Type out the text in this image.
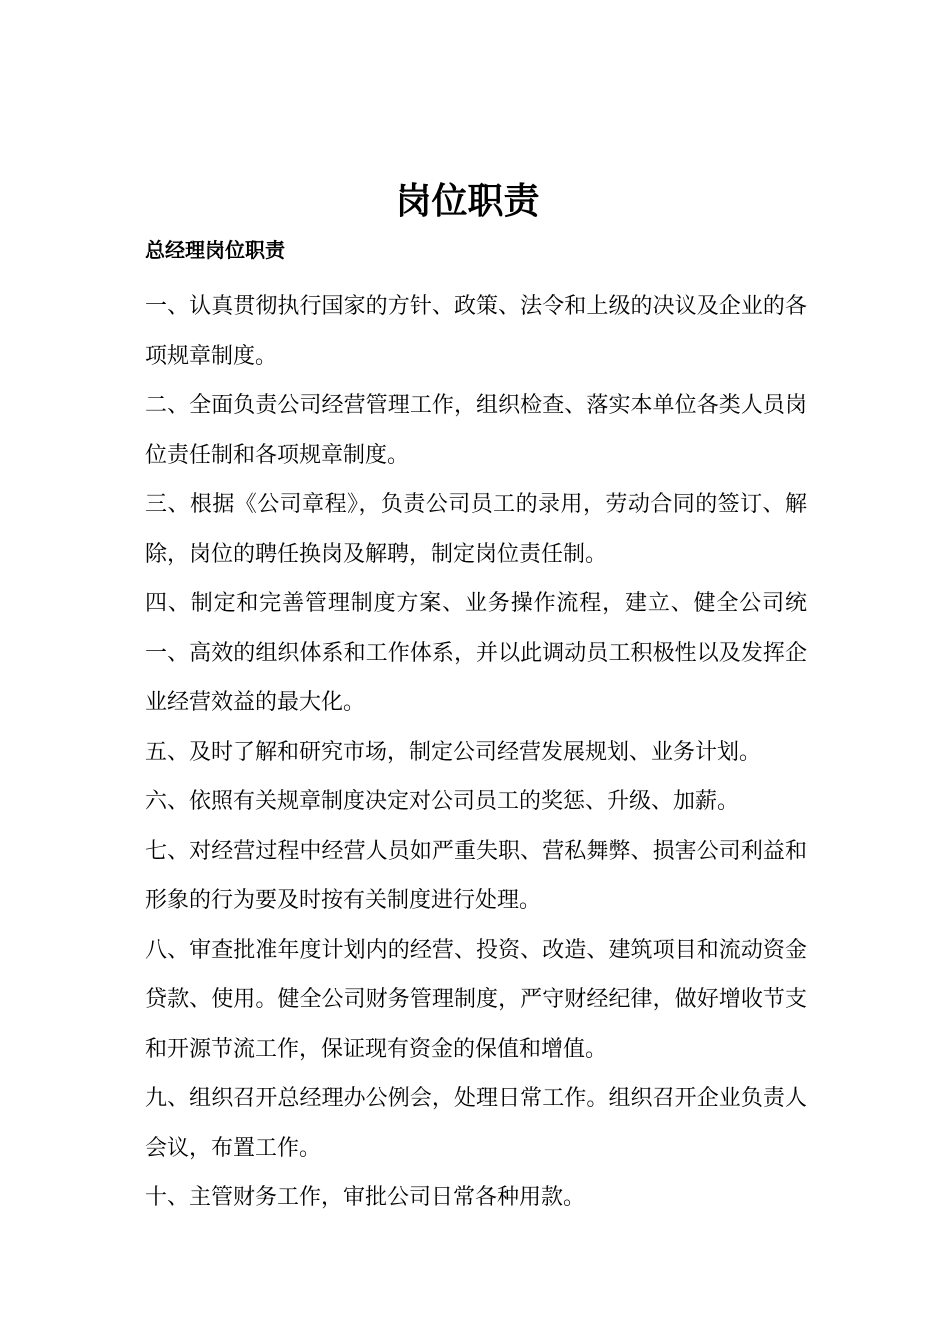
岗位职责
总经理岗位职责

一、认真贯彻执行国家的方针、政策、法令和上级的决议及企业的各项规章制度。

二、全面负责公司经营管理工作，组织检查、落实本单位各类人员岗位责任制和各项规章制度。

三、根据《公司章程》，负责公司员工的录用，劳动合同的签订、解除，岗位的聘任换岗及解聘，制定岗位责任制。

四、制定和完善管理制度方案、业务操作流程，建立、健全公司统一、高效的组织体系和工作体系，并以此调动员工积极性以及发挥企业经营效益的最大化。

五、及时了解和研究市场，制定公司经营发展规划、业务计划。

六、依照有关规章制度决定对公司员工的奖惩、升级、加薪。

七、对经营过程中经营人员如严重失职、营私舞弊、损害公司利益和形象的行为要及时按有关制度进行处理。

八、审查批准年度计划内的经营、投资、改造、建筑项目和流动资金贷款、使用。健全公司财务管理制度，严守财经纪律，做好增收节支和开源节流工作，保证现有资金的保值和增值。

九、组织召开总经理办公例会，处理日常工作。组织召开企业负责人会议，布置工作。

十、主管财务工作，审批公司日常各种用款。
